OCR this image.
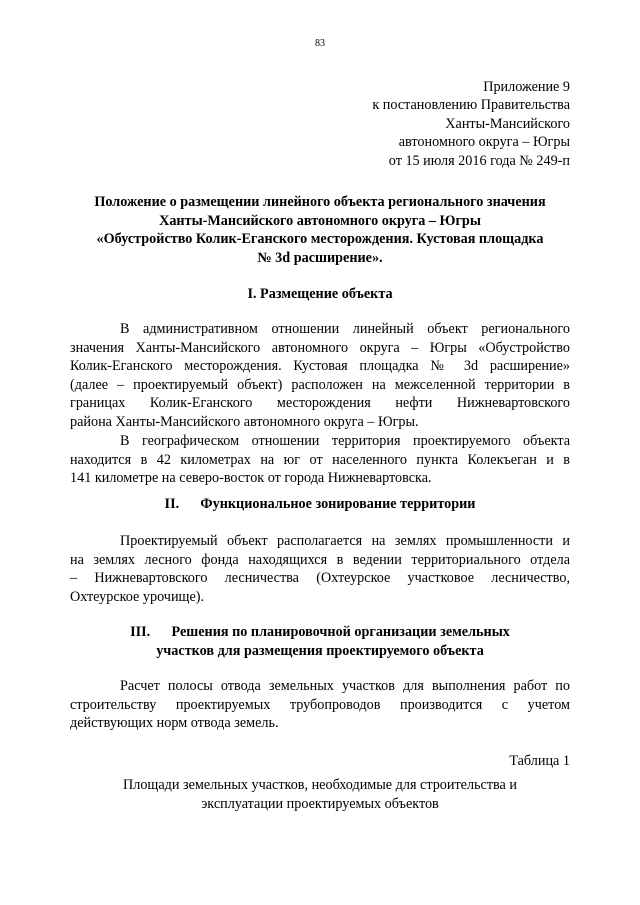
83
Приложение 9
к постановлению Правительства
Ханты-Мансийского
автономного округа – Югры
от 15 июля 2016 года № 249-п
Положение о размещении линейного объекта регионального значения
Ханты-Мансийского автономного округа – Югры
«Обустройство Колик-Еганского месторождения. Кустовая площадка
№ 3d расширение».
I. Размещение объекта
В административном отношении линейный объект регионального
значения Ханты-Мансийского автономного округа – Югры «Обустройство
Колик-Еганского месторождения. Кустовая площадка № 3d расширение»
(далее – проектируемый объект) расположен на межселенной территории в
границах Колик-Еганского месторождения нефти Нижневартовского
района Ханты-Мансийского автономного округа – Югры.
В географическом отношении территория проектируемого объекта
находится в 42 километрах на юг от населенного пункта Колекъеган и в
141 километре на северо-восток от города Нижневартовска.
II.      Функциональное зонирование территории
Проектируемый объект располагается на землях промышленности и
на землях лесного фонда находящихся в ведении территориального отдела
– Нижневартовского лесничества (Охтеурское участковое лесничество,
Охтеурское урочище).
III.      Решения по планировочной организации земельных
участков для размещения проектируемого объекта
Расчет полосы отвода земельных участков для выполнения работ по
строительству проектируемых трубопроводов производится с учетом
действующих норм отвода земель.
Таблица 1
Площади земельных участков, необходимые для строительства и
эксплуатации проектируемых объектов
